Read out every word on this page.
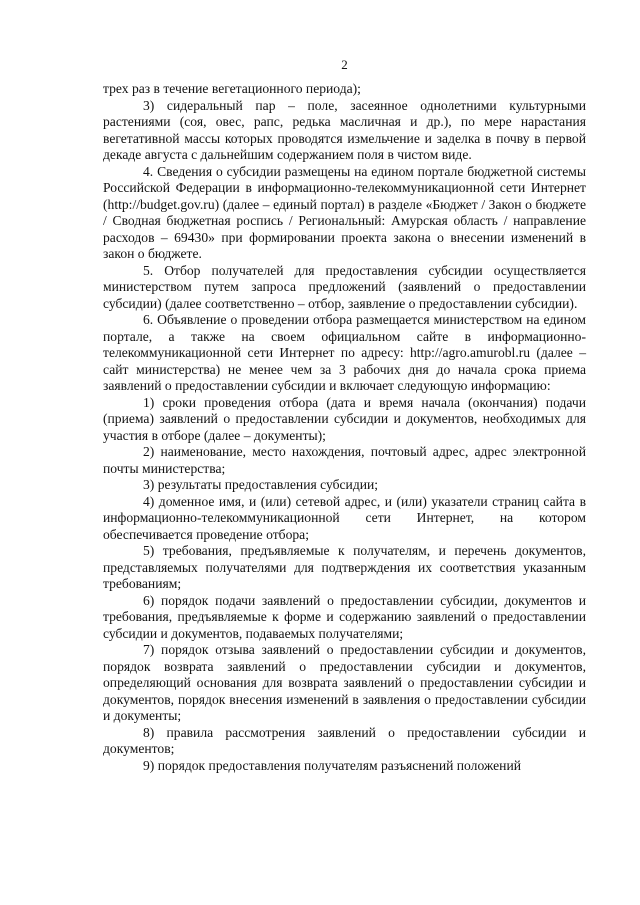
2

трех раз в течение вегетационного периода);

3) сидеральный пар – поле, засеянное однолетними культурными растениями (соя, овес, рапс, редька масличная и др.), по мере нарастания вегетативной массы которых проводятся измельчение и заделка в почву в первой декаде августа с дальнейшим содержанием поля в чистом виде.

4. Сведения о субсидии размещены на едином портале бюджетной системы Российской Федерации в информационно-телекоммуникационной сети Интернет (http://budget.gov.ru) (далее – единый портал) в разделе «Бюджет / Закон о бюджете / Сводная бюджетная роспись / Региональный: Амурская область / направление расходов – 69430» при формировании проекта закона о внесении изменений в закон о бюджете.

5. Отбор получателей для предоставления субсидии осуществляется министерством путем запроса предложений (заявлений о предоставлении субсидии) (далее соответственно – отбор, заявление о предоставлении субсидии).

6. Объявление о проведении отбора размещается министерством на едином портале, а также на своем официальном сайте в информационно-телекоммуникационной сети Интернет по адресу: http://agro.amurobl.ru (далее – сайт министерства) не менее чем за 3 рабочих дня до начала срока приема заявлений о предоставлении субсидии и включает следующую информацию:

1) сроки проведения отбора (дата и время начала (окончания) подачи (приема) заявлений о предоставлении субсидии и документов, необходимых для участия в отборе (далее – документы);

2) наименование, место нахождения, почтовый адрес, адрес электронной почты министерства;

3) результаты предоставления субсидии;

4) доменное имя, и (или) сетевой адрес, и (или) указатели страниц сайта в информационно-телекоммуникационной сети Интернет, на котором обеспечивается проведение отбора;

5) требования, предъявляемые к получателям, и перечень документов, представляемых получателями для подтверждения их соответствия указанным требованиям;

6) порядок подачи заявлений о предоставлении субсидии, документов и требования, предъявляемые к форме и содержанию заявлений о предоставлении субсидии и документов, подаваемых получателями;

7) порядок отзыва заявлений о предоставлении субсидии и документов, порядок возврата заявлений о предоставлении субсидии и документов, определяющий основания для возврата заявлений о предоставлении субсидии и документов, порядок внесения изменений в заявления о предоставлении субсидии и документы;

8) правила рассмотрения заявлений о предоставлении субсидии и документов;

9) порядок предоставления получателям разъяснений положений
